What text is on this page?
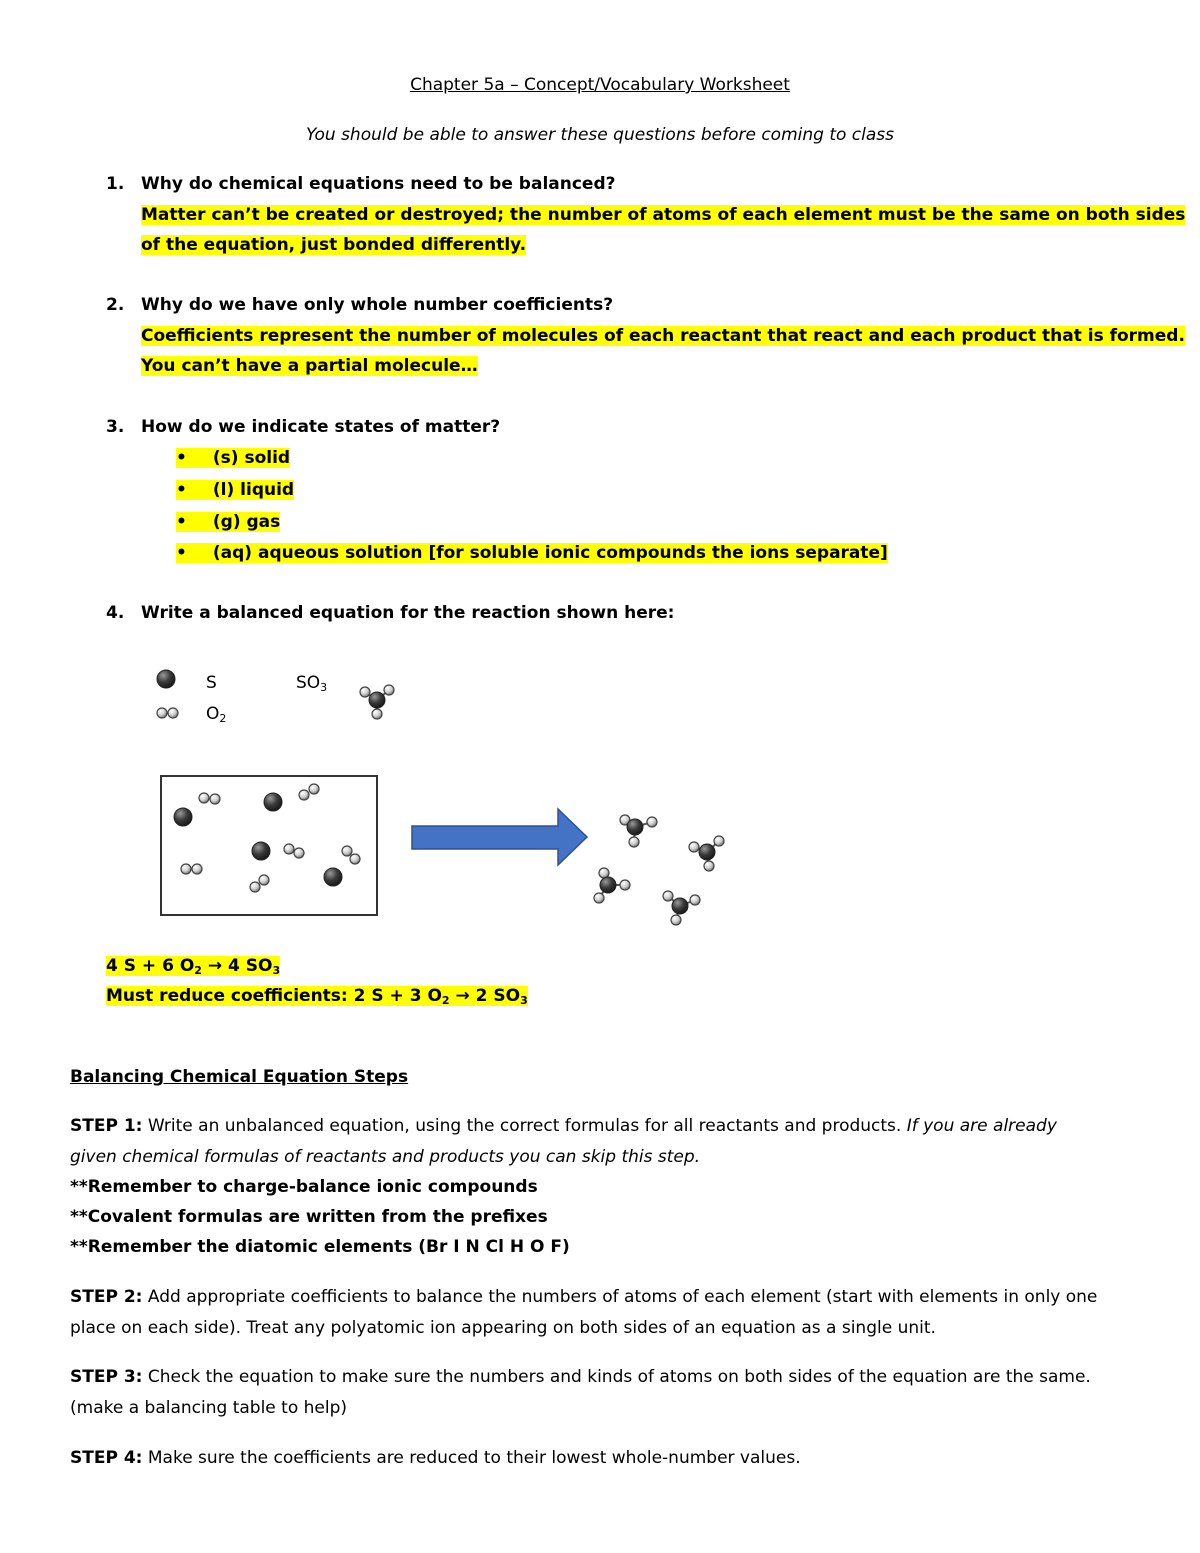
Chapter 5a – Concept/Vocabulary Worksheet
You should be able to answer these questions before coming to class
1. Why do chemical equations need to be balanced?
Matter can’t be created or destroyed; the number of atoms of each element must be the same on both sides
of the equation, just bonded differently.
2. Why do we have only whole number coefficients?
Coefficients represent the number of molecules of each reactant that react and each product that is formed.
You can’t have a partial molecule…
3. How do we indicate states of matter?
• (s) solid
• (l) liquid
• (g) gas
• (aq) aqueous solution [for soluble ionic compounds the ions separate]
4. Write a balanced equation for the reaction shown here:
S
$O_2$
$SO_3$
4 S + 6 $O_2 \to 4$ $SO_3$
Must reduce coefficients: 2 S + 3 $O_2 \to 2$ $SO_3$
Balancing Chemical Equation Steps
STEP 1: Write an unbalanced equation, using the correct formulas for all reactants and products. If you are already
given chemical formulas of reactants and products you can skip this step.
**Remember to charge-balance ionic compounds
**Covalent formulas are written from the prefixes
**Remember the diatomic elements (Br I N Cl H O F)
STEP 2: Add appropriate coefficients to balance the numbers of atoms of each element (start with elements in only one
place on each side). Treat any polyatomic ion appearing on both sides of an equation as a single unit.
STEP 3: Check the equation to make sure the numbers and kinds of atoms on both sides of the equation are the same.
(make a balancing table to help)
STEP 4: Make sure the coefficients are reduced to their lowest whole-number values.
